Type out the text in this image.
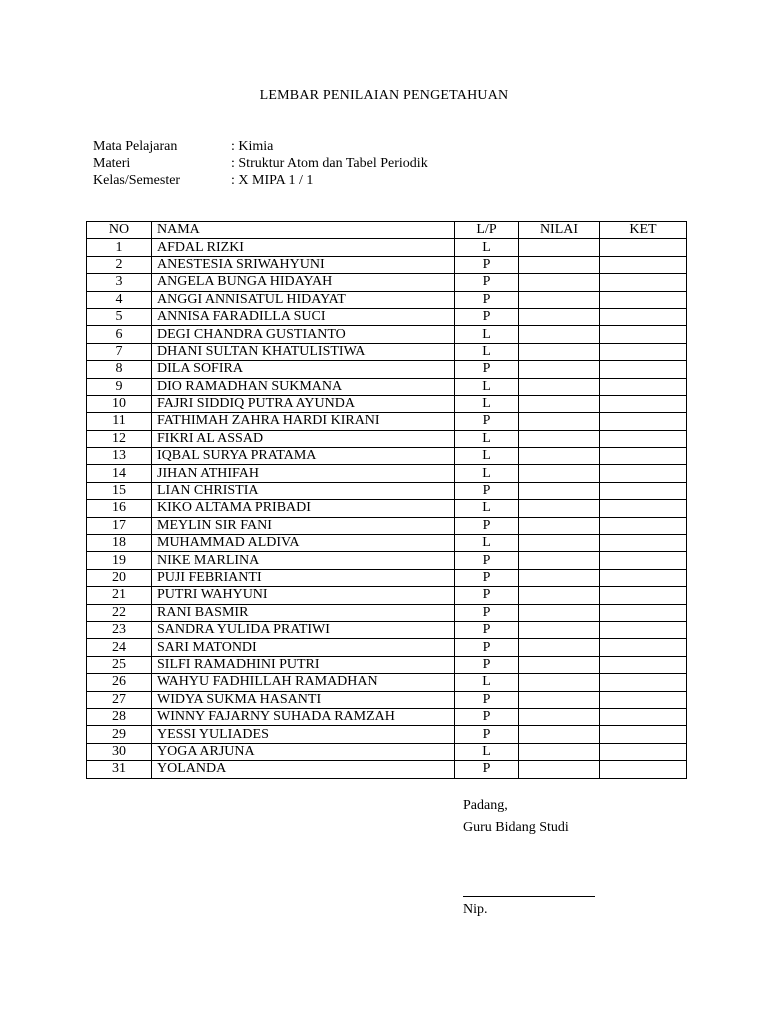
LEMBAR PENILAIAN PENGETAHUAN
Mata Pelajaran	: Kimia
Materi	: Struktur Atom dan Tabel Periodik
Kelas/Semester	: X MIPA 1 / 1
NO	NAMA	L/P	NILAI	KET
1	AFDAL RIZKI	L		
2	ANESTESIA SRIWAHYUNI	P		
3	ANGELA BUNGA HIDAYAH	P		
4	ANGGI ANNISATUL HIDAYAT	P		
5	ANNISA FARADILLA SUCI	P		
6	DEGI CHANDRA GUSTIANTO	L		
7	DHANI SULTAN KHATULISTIWA	L		
8	DILA SOFIRA	P		
9	DIO RAMADHAN SUKMANA	L		
10	FAJRI SIDDIQ PUTRA AYUNDA	L		
11	FATHIMAH ZAHRA HARDI KIRANI	P		
12	FIKRI AL ASSAD	L		
13	IQBAL SURYA PRATAMA	L		
14	JIHAN ATHIFAH	L		
15	LIAN CHRISTIA	P		
16	KIKO ALTAMA PRIBADI	L		
17	MEYLIN SIR FANI	P		
18	MUHAMMAD ALDIVA	L		
19	NIKE MARLINA	P		
20	PUJI FEBRIANTI	P		
21	PUTRI WAHYUNI	P		
22	RANI BASMIR	P		
23	SANDRA YULIDA PRATIWI	P		
24	SARI MATONDI	P		
25	SILFI RAMADHINI PUTRI	P		
26	WAHYU FADHILLAH RAMADHAN	L		
27	WIDYA SUKMA HASANTI	P		
28	WINNY FAJARNY SUHADA RAMZAH	P		
29	YESSI YULIADES	P		
30	YOGA ARJUNA	L		
31	YOLANDA	P		
Padang,
Guru Bidang Studi
Nip.
